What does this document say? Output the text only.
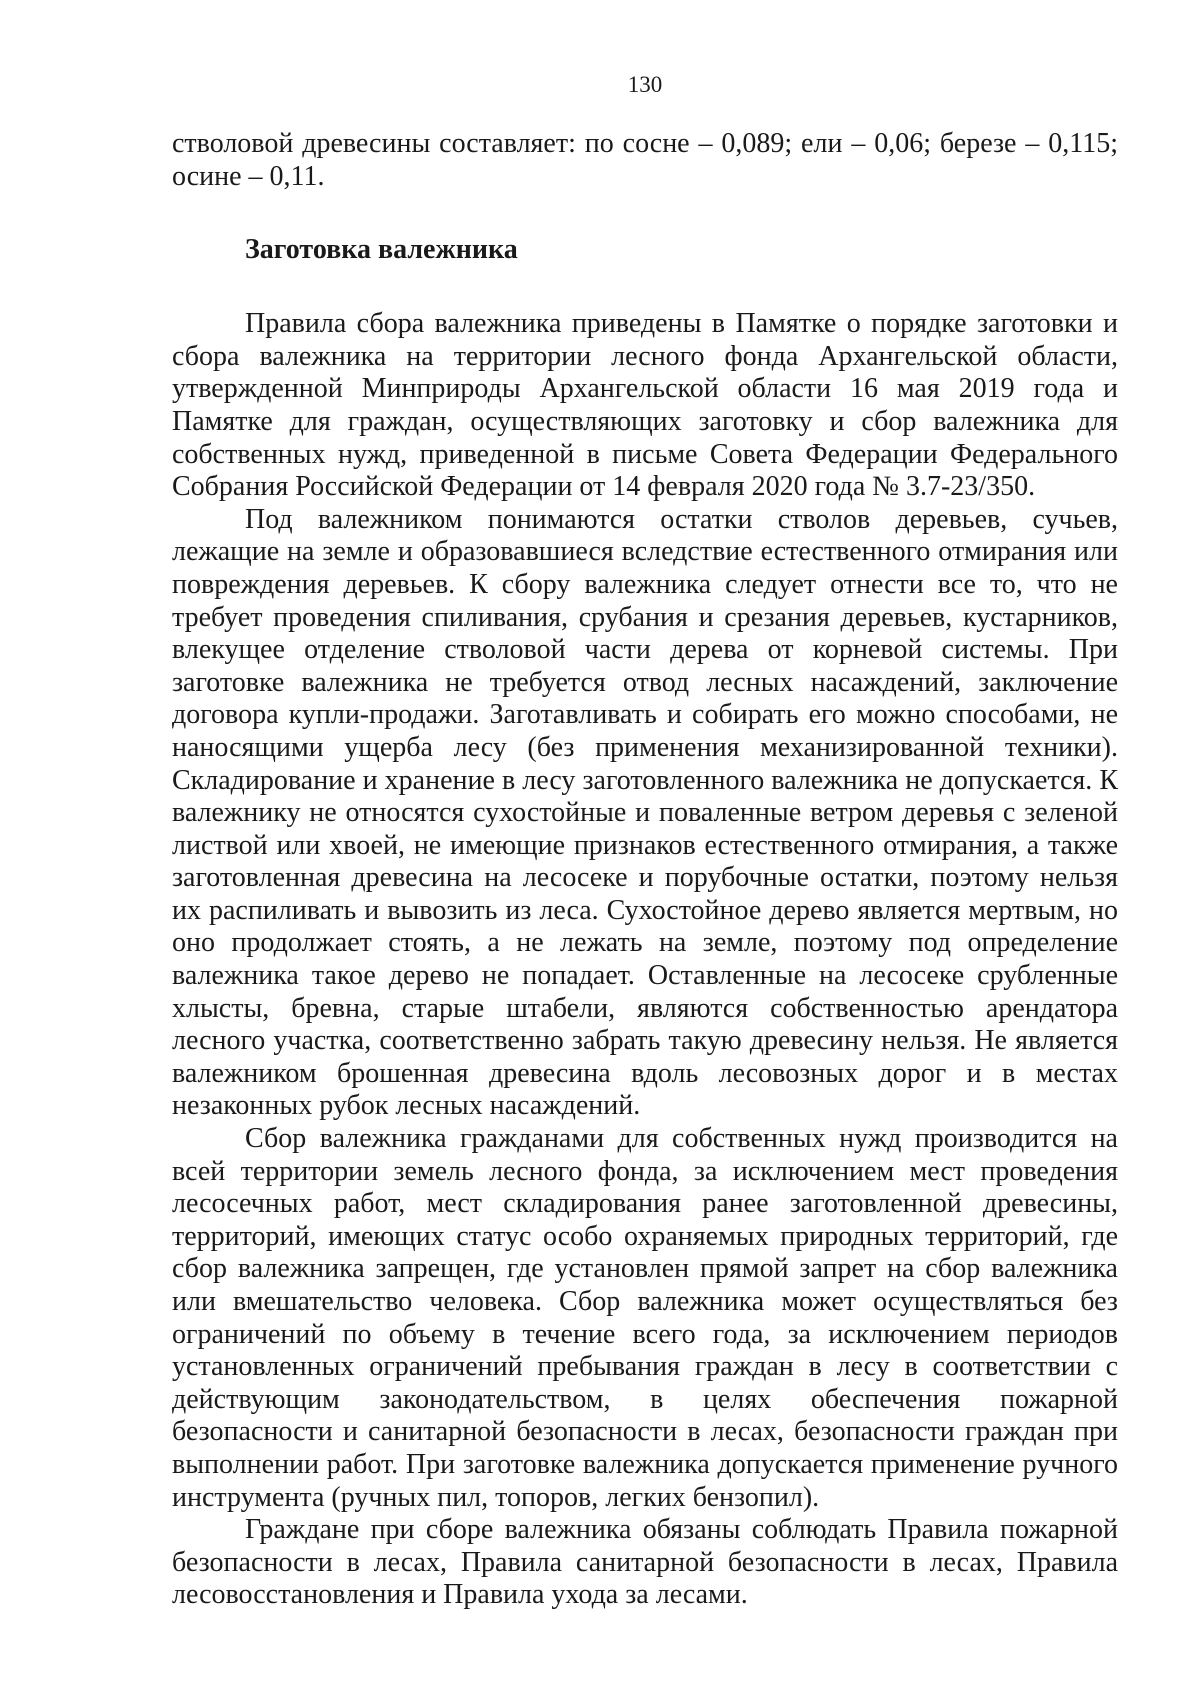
130

стволовой древесины составляет: по сосне – 0,089; ели – 0,06; березе – 0,115; осине – 0,11.

Заготовка валежника

Правила сбора валежника приведены в Памятке о порядке заготовки и сбора валежника на территории лесного фонда Архангельской области, утвержденной Минприроды Архангельской области 16 мая 2019 года и Памятке для граждан, осуществляющих заготовку и сбор валежника для собственных нужд, приведенной в письме Совета Федерации Федерального Собрания Российской Федерации от 14 февраля 2020 года № 3.7-23/350.

Под валежником понимаются остатки стволов деревьев, сучьев, лежащие на земле и образовавшиеся вследствие естественного отмирания или повреждения деревьев. К сбору валежника следует отнести все то, что не требует проведения спиливания, срубания и срезания деревьев, кустарников, влекущее отделение стволовой части дерева от корневой системы. При заготовке валежника не требуется отвод лесных насаждений, заключение договора купли-продажи. Заготавливать и собирать его можно способами, не наносящими ущерба лесу (без применения механизированной техники). Складирование и хранение в лесу заготовленного валежника не допускается. К валежнику не относятся сухостойные и поваленные ветром деревья с зеленой листвой или хвоей, не имеющие признаков естественного отмирания, а также заготовленная древесина на лесосеке и порубочные остатки, поэтому нельзя их распиливать и вывозить из леса. Сухостойное дерево является мертвым, но оно продолжает стоять, а не лежать на земле, поэтому под определение валежника такое дерево не попадает. Оставленные на лесосеке срубленные хлысты, бревна, старые штабели, являются собственностью арендатора лесного участка, соответственно забрать такую древесину нельзя. Не является валежником брошенная древесина вдоль лесовозных дорог и в местах незаконных рубок лесных насаждений.

Сбор валежника гражданами для собственных нужд производится на всей территории земель лесного фонда, за исключением мест проведения лесосечных работ, мест складирования ранее заготовленной древесины, территорий, имеющих статус особо охраняемых природных территорий, где сбор валежника запрещен, где установлен прямой запрет на сбор валежника или вмешательство человека. Сбор валежника может осуществляться без ограничений по объему в течение всего года, за исключением периодов установленных ограничений пребывания граждан в лесу в соответствии с действующим законодательством, в целях обеспечения пожарной безопасности и санитарной безопасности в лесах, безопасности граждан при выполнении работ. При заготовке валежника допускается применение ручного инструмента (ручных пил, топоров, легких бензопил).

Граждане при сборе валежника обязаны соблюдать Правила пожарной безопасности в лесах, Правила санитарной безопасности в лесах, Правила лесовосстановления и Правила ухода за лесами.
